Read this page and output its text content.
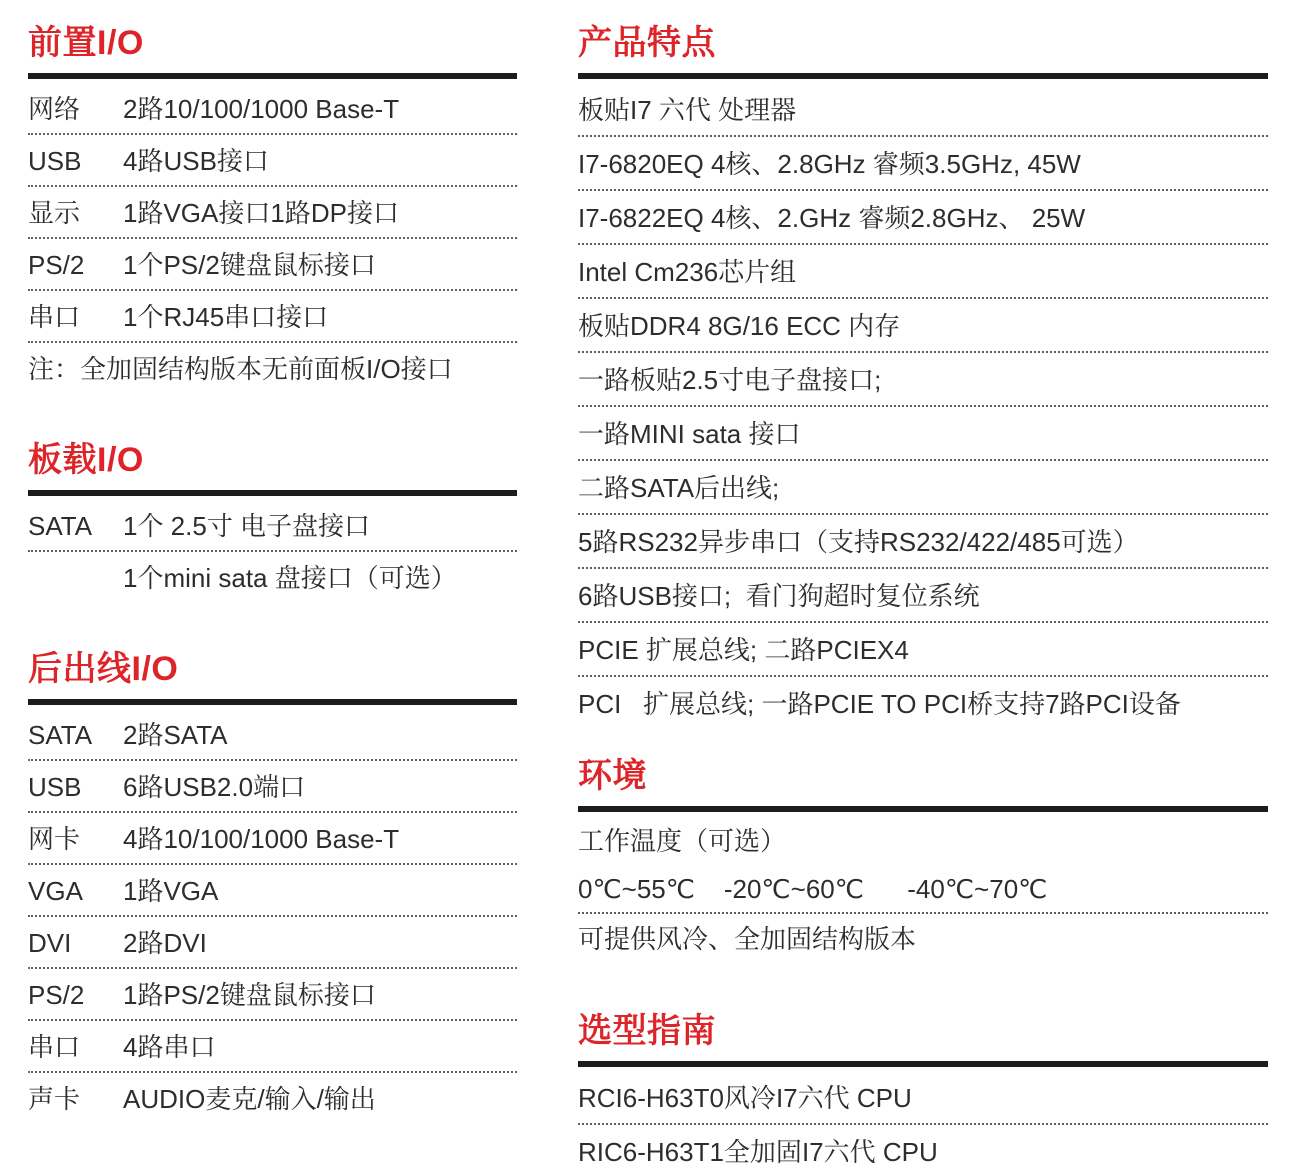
前置I/O
网络	2路10/100/1000 Base-T
USB	4路USB接口
显示	1路VGA接口1路DP接口
PS/2	1个PS/2键盘鼠标接口
串口	1个RJ45串口接口
注：全加固结构版本无前面板I/O接口
板载I/O
SATA	1个 2.5寸 电子盘接口
1个mini sata 盘接口（可选）
后出线I/O
SATA	2路SATA
USB	6路USB2.0端口
网卡	4路10/100/1000 Base-T
VGA	1路VGA
DVI	2路DVI
PS/2	1路PS/2键盘鼠标接口
串口	4路串口
声卡	AUDIO麦克/输入/输出
产品特点
板贴I7 六代 处理器
I7-6820EQ 4核、2.8GHz 睿频3.5GHz, 45W
I7-6822EQ 4核、2.GHz 睿频2.8GHz、 25W
Intel Cm236芯片组
板贴DDR4 8G/16 ECC 内存
一路板贴2.5寸电子盘接口;
一路MINI sata 接口
二路SATA后出线;
5路RS232异步串口（支持RS232/422/485可选）
6路USB接口;  看门狗超时复位系统
PCIE 扩展总线; 二路PCIEX4
PCI   扩展总线; 一路PCIE TO PCI桥支持7路PCI设备
环境
工作温度（可选）
0℃~55℃    -20℃~60℃      -40℃~70℃
可提供风冷、全加固结构版本
选型指南
RCI6-H63T0风冷 I7六代 CPU
RIC6-H63T1全加固 I7六代 CPU
